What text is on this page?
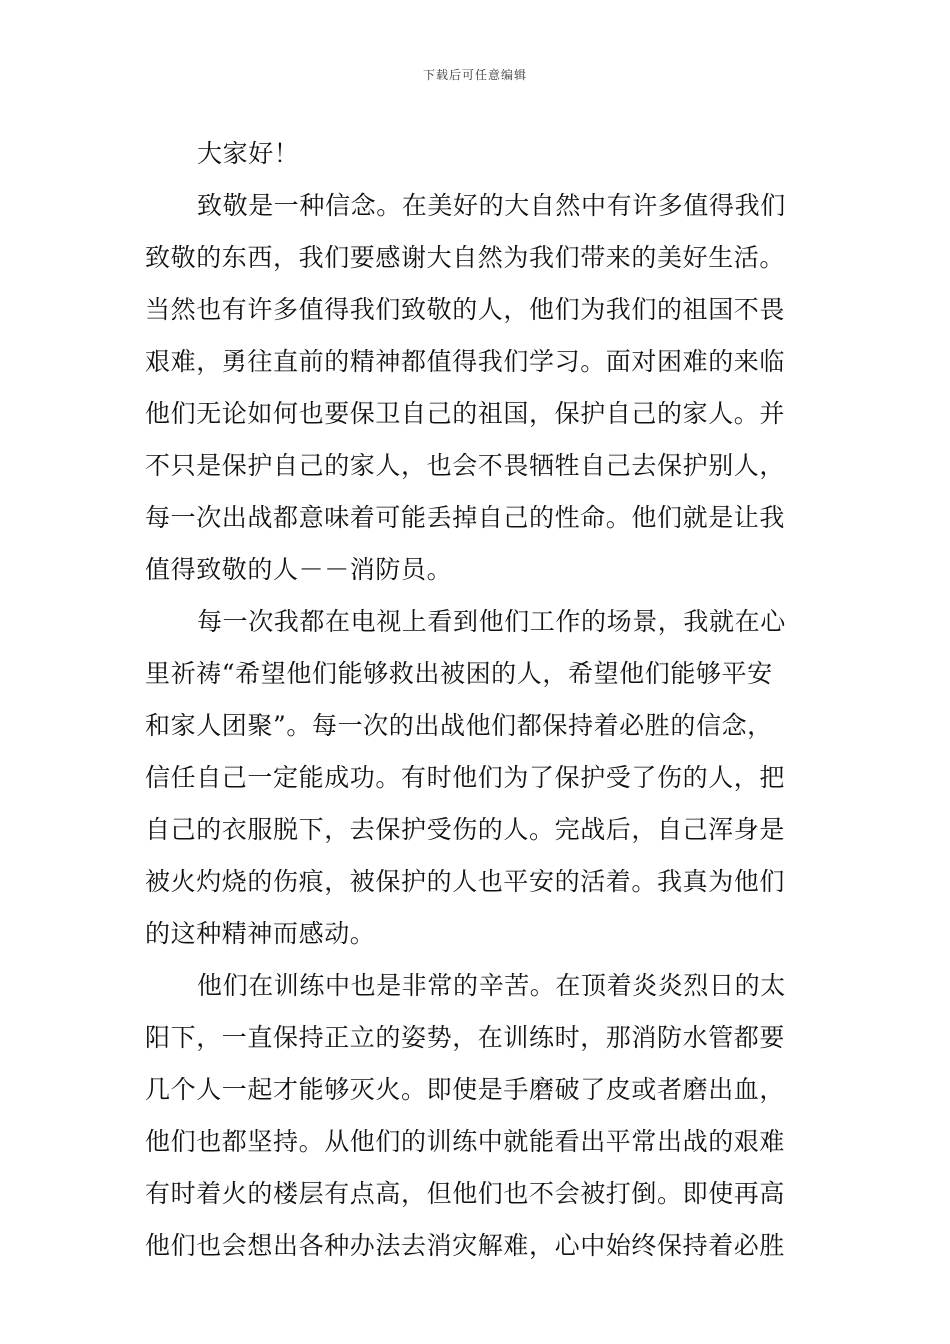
下载后可任意编辑
大家好！
致敬是一种信念。在美好的大自然中有许多值得我们
致敬的东西，我们要感谢大自然为我们带来的美好生活。
当然也有许多值得我们致敬的人，他们为我们的祖国不畏
艰难，勇往直前的精神都值得我们学习。面对困难的来临
他们无论如何也要保卫自己的祖国，保护自己的家人。并
不只是保护自己的家人，也会不畏牺牲自己去保护别人，
每一次出战都意味着可能丢掉自己的性命。他们就是让我
值得致敬的人－－消防员。
每一次我都在电视上看到他们工作的场景，我就在心
里祈祷“希望他们能够救出被困的人，希望他们能够平安
和家人团聚”。每一次的出战他们都保持着必胜的信念，
信任自己一定能成功。有时他们为了保护受了伤的人，把
自己的衣服脱下，去保护受伤的人。完战后，自己浑身是
被火灼烧的伤痕，被保护的人也平安的活着。我真为他们
的这种精神而感动。
他们在训练中也是非常的辛苦。在顶着炎炎烈日的太
阳下，一直保持正立的姿势，在训练时，那消防水管都要
几个人一起才能够灭火。即使是手磨破了皮或者磨出血，
他们也都坚持。从他们的训练中就能看出平常出战的艰难
有时着火的楼层有点高，但他们也不会被打倒。即使再高
他们也会想出各种办法去消灾解难，心中始终保持着必胜
